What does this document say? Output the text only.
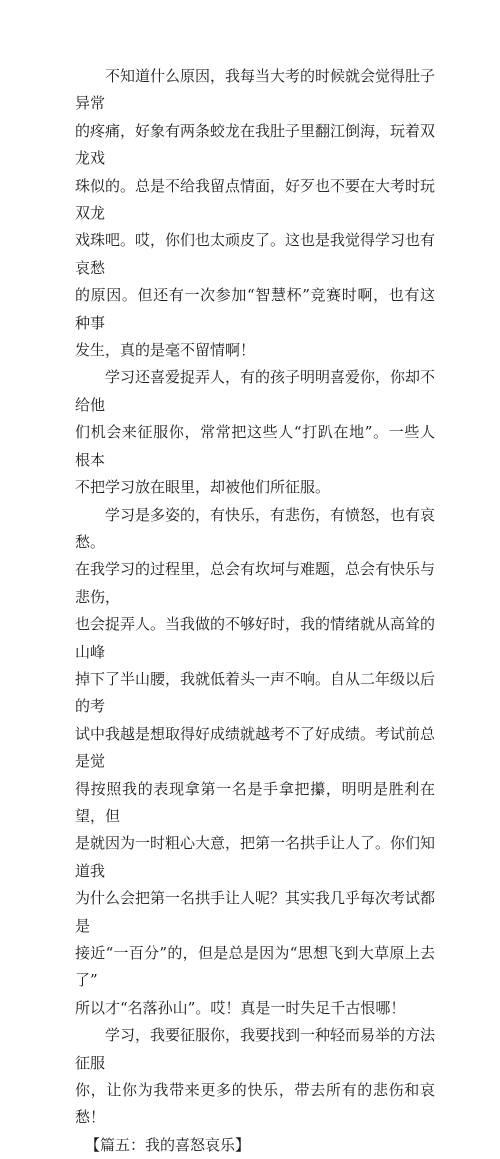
不知道什么原因，我每当大考的时候就会觉得肚子异常
的疼痛，好象有两条蛟龙在我肚子里翻江倒海，玩着双龙戏
珠似的。总是不给我留点情面，好歹也不要在大考时玩双龙
戏珠吧。哎，你们也太顽皮了。这也是我觉得学习也有哀愁
的原因。但还有一次参加“智慧杯”竞赛时啊，也有这种事
发生，真的是毫不留情啊！

学习还喜爱捉弄人，有的孩子明明喜爱你，你却不给他
们机会来征服你，常常把这些人“打趴在地”。一些人根本
不把学习放在眼里，却被他们所征服。

学习是多姿的，有快乐，有悲伤，有愤怒，也有哀愁。
在我学习的过程里，总会有坎坷与难题，总会有快乐与悲伤，
也会捉弄人。当我做的不够好时，我的情绪就从高耸的山峰
掉下了半山腰，我就低着头一声不响。自从二年级以后的考
试中我越是想取得好成绩就越考不了好成绩。考试前总是觉
得按照我的表现拿第一名是手拿把攥，明明是胜利在望，但
是就因为一时粗心大意，把第一名拱手让人了。你们知道我
为什么会把第一名拱手让人呢？其实我几乎每次考试都是
接近“一百分”的，但是总是因为“思想飞到大草原上去了”
所以才“名落孙山”。哎！真是一时失足千古恨哪！

学习，我要征服你，我要找到一种轻而易举的方法征服
你，让你为我带来更多的快乐，带去所有的悲伤和哀愁！

【篇五：我的喜怒哀乐】
